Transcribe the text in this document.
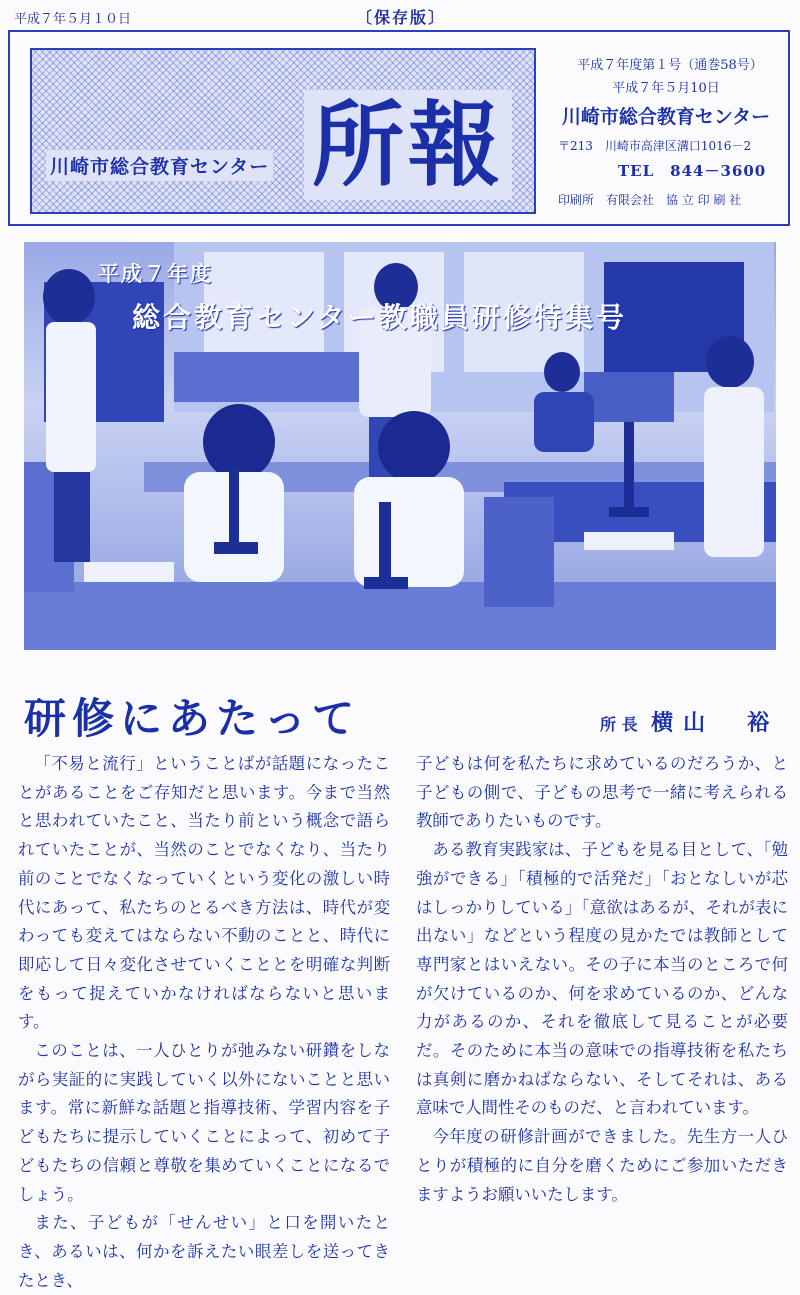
平成７年５月１０日	〔保存版〕
川崎市総合教育センター 所報
平成７年度第１号（通巻58号）
平成７年５月10日
川崎市総合教育センター
〒213　川崎市高津区溝口1016－2
TEL　844－3600
印刷所　有限会社　協 立 印 刷 社
平成７年度
総合教育センター教職員研修特集号
研修にあたって	所 長 横山　裕

「不易と流行」ということばが話題になったことがあることをご存知だと思います。今まで当然と思われていたこと、当たり前という概念で語られていたことが、当然のことでなくなり、当たり前のことでなくなっていくという変化の激しい時代にあって、私たちのとるべき方法は、時代が変わっても変えてはならない不動のことと、時代に即応して日々変化させていくこととを明確な判断をもって捉えていかなければならないと思います。

このことは、一人ひとりが弛みない研鑽をしながら実証的に実践していく以外にないことと思います。常に新鮮な話題と指導技術、学習内容を子どもたちに提示していくことによって、初めて子どもたちの信頼と尊敬を集めていくことになるでしょう。

また、子どもが「せんせい」と口を開いたとき、あるいは、何かを訴えたい眼差しを送ってきたとき、

子どもは何を私たちに求めているのだろうか、と子どもの側で、子どもの思考で一緒に考えられる教師でありたいものです。

ある教育実践家は、子どもを見る目として、「勉強ができる」「積極的で活発だ」「おとなしいが芯はしっかりしている」「意欲はあるが、それが表に出ない」などという程度の見かたでは教師として専門家とはいえない。その子に本当のところで何が欠けているのか、何を求めているのか、どんな力があるのか、それを徹底して見ることが必要だ。そのために本当の意味での指導技術を私たちは真剣に磨かねばならない、そしてそれは、ある意味で人間性そのものだ、と言われています。

今年度の研修計画ができました。先生方一人ひとりが積極的に自分を磨くためにご参加いただきますようお願いいたします。
